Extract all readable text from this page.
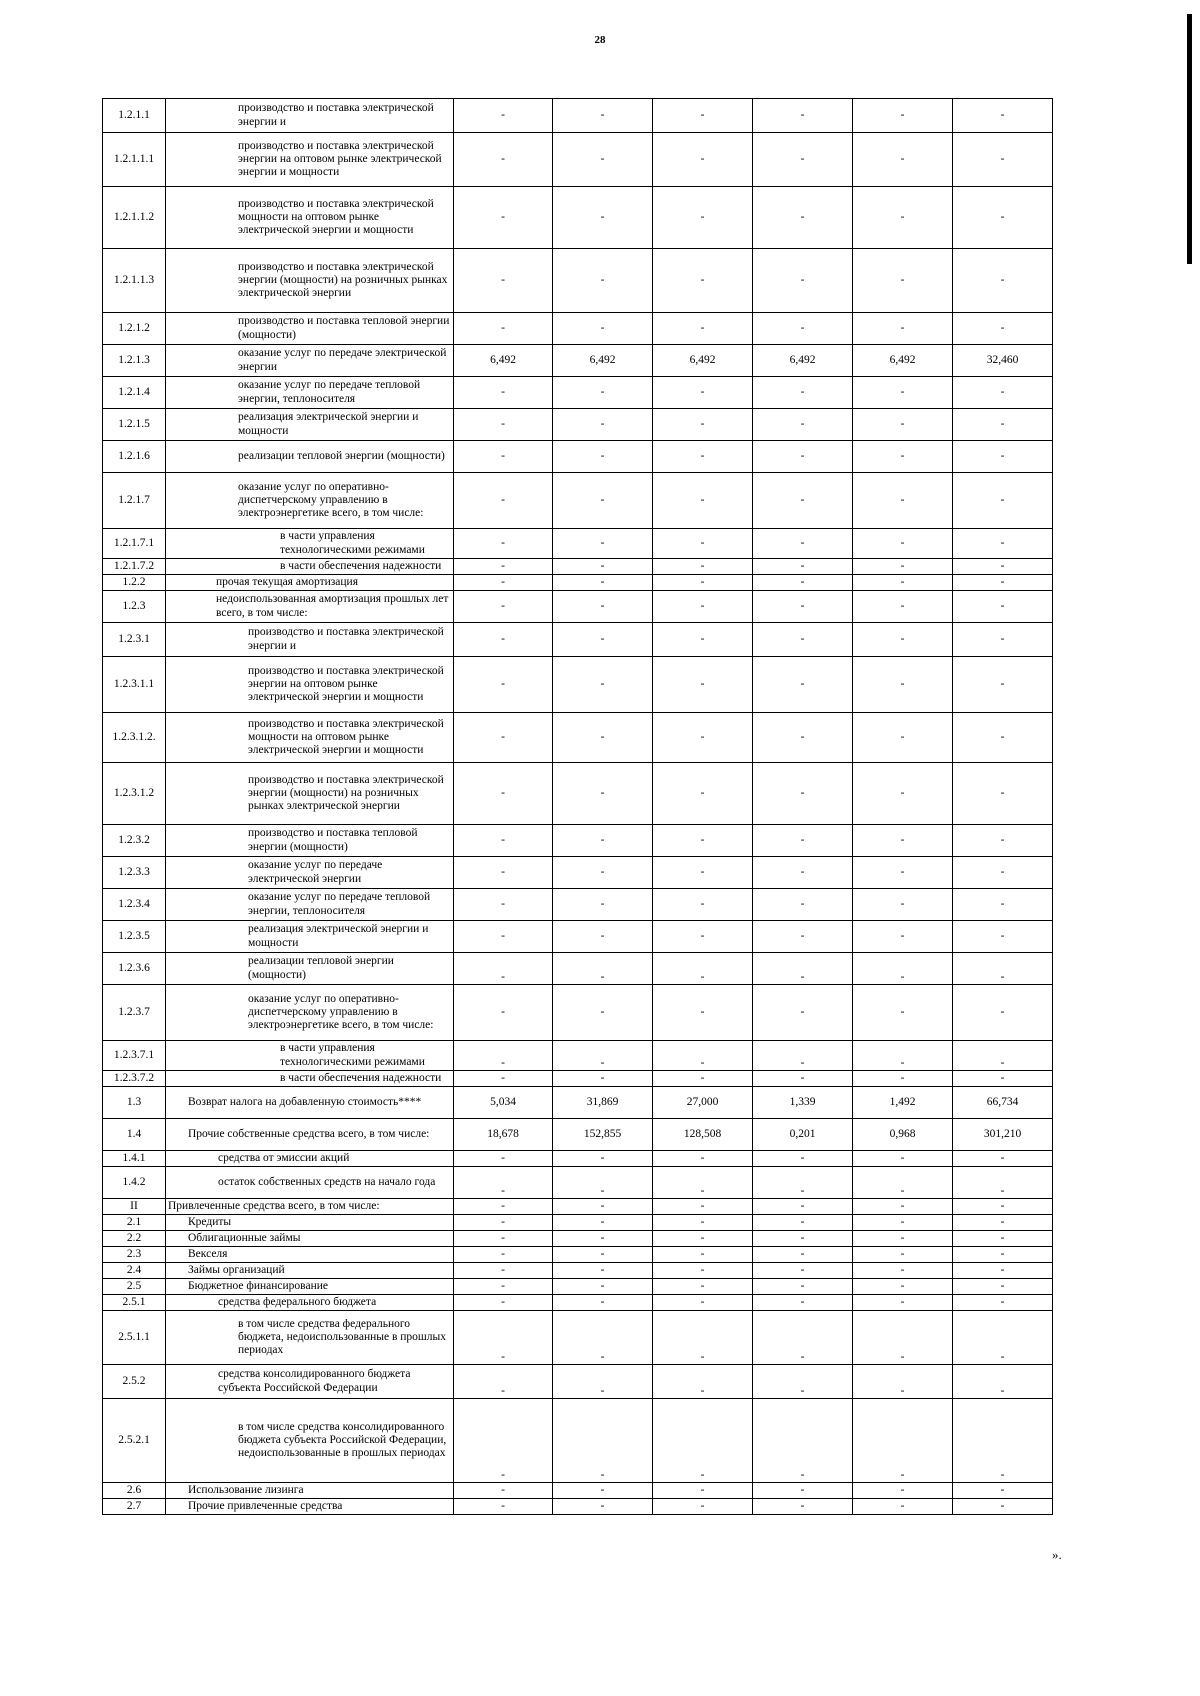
28
1.2.1.1	производство и поставка электрической энергии и	-	-	-	-	-	-
1.2.1.1.1	производство и поставка электрической энергии на оптовом рынке электрической энергии и мощности	-	-	-	-	-	-
1.2.1.1.2	производство и поставка электрической мощности на оптовом рынке электрической энергии и мощности	-	-	-	-	-	-
1.2.1.1.3	производство и поставка электрической энергии (мощности) на розничных рынках электрической энергии	-	-	-	-	-	-
1.2.1.2	производство и поставка тепловой энергии (мощности)	-	-	-	-	-	-
1.2.1.3	оказание услуг по передаче электрической энергии	6,492	6,492	6,492	6,492	6,492	32,460
1.2.1.4	оказание услуг по передаче тепловой энергии, теплоносителя	-	-	-	-	-	-
1.2.1.5	реализация электрической энергии и мощности	-	-	-	-	-	-
1.2.1.6	реализации тепловой энергии (мощности)	-	-	-	-	-	-
1.2.1.7	оказание услуг по оперативно-диспетчерскому управлению в электроэнергетике всего, в том числе:	-	-	-	-	-	-
1.2.1.7.1	в части управления технологическими режимами	-	-	-	-	-	-
1.2.1.7.2	в части обеспечения надежности	-	-	-	-	-	-
1.2.2	прочая текущая амортизация	-	-	-	-	-	-
1.2.3	недоиспользованная амортизация прошлых лет всего, в том числе:	-	-	-	-	-	-
1.2.3.1	производство и поставка электрической энергии и	-	-	-	-	-	-
1.2.3.1.1	производство и поставка электрической энергии на оптовом рынке электрической энергии и мощности	-	-	-	-	-	-
1.2.3.1.2.	производство и поставка электрической мощности на оптовом рынке электрической энергии и мощности	-	-	-	-	-	-
1.2.3.1.2	производство и поставка электрической энергии (мощности) на розничных рынках электрической энергии	-	-	-	-	-	-
1.2.3.2	производство и поставка тепловой энергии (мощности)	-	-	-	-	-	-
1.2.3.3	оказание услуг по передаче электрической энергии	-	-	-	-	-	-
1.2.3.4	оказание услуг по передаче тепловой энергии, теплоносителя	-	-	-	-	-	-
1.2.3.5	реализация электрической энергии и мощности	-	-	-	-	-	-
1.2.3.6	реализации тепловой энергии (мощности)	-	-	-	-	-	-
1.2.3.7	оказание услуг по оперативно-диспетчерскому управлению в электроэнергетике всего, в том числе:	-	-	-	-	-	-
1.2.3.7.1	в части управления технологическими режимами	-	-	-	-	-	-
1.2.3.7.2	в части обеспечения надежности	-	-	-	-	-	-
1.3	Возврат налога на добавленную стоимость****	5,034	31,869	27,000	1,339	1,492	66,734
1.4	Прочие собственные средства всего, в том числе:	18,678	152,855	128,508	0,201	0,968	301,210
1.4.1	средства от эмиссии акций	-	-	-	-	-	-
1.4.2	остаток собственных средств на начало года	-	-	-	-	-	-
II	Привлеченные средства всего, в том числе:	-	-	-	-	-	-
2.1	Кредиты	-	-	-	-	-	-
2.2	Облигационные займы	-	-	-	-	-	-
2.3	Векселя	-	-	-	-	-	-
2.4	Займы организаций	-	-	-	-	-	-
2.5	Бюджетное финансирование	-	-	-	-	-	-
2.5.1	средства федерального бюджета	-	-	-	-	-	-
2.5.1.1	в том числе средства федерального бюджета, недоиспользованные в прошлых периодах	-	-	-	-	-	-
2.5.2	средства консолидированного бюджета субъекта Российской Федерации	-	-	-	-	-	-
2.5.2.1	в том числе средства консолидированного бюджета субъекта Российской Федерации, недоиспользованные в прошлых периодах	-	-	-	-	-	-
2.6	Использование лизинга	-	-	-	-	-	-
2.7	Прочие привлеченные средства	-	-	-	-	-	-
».
